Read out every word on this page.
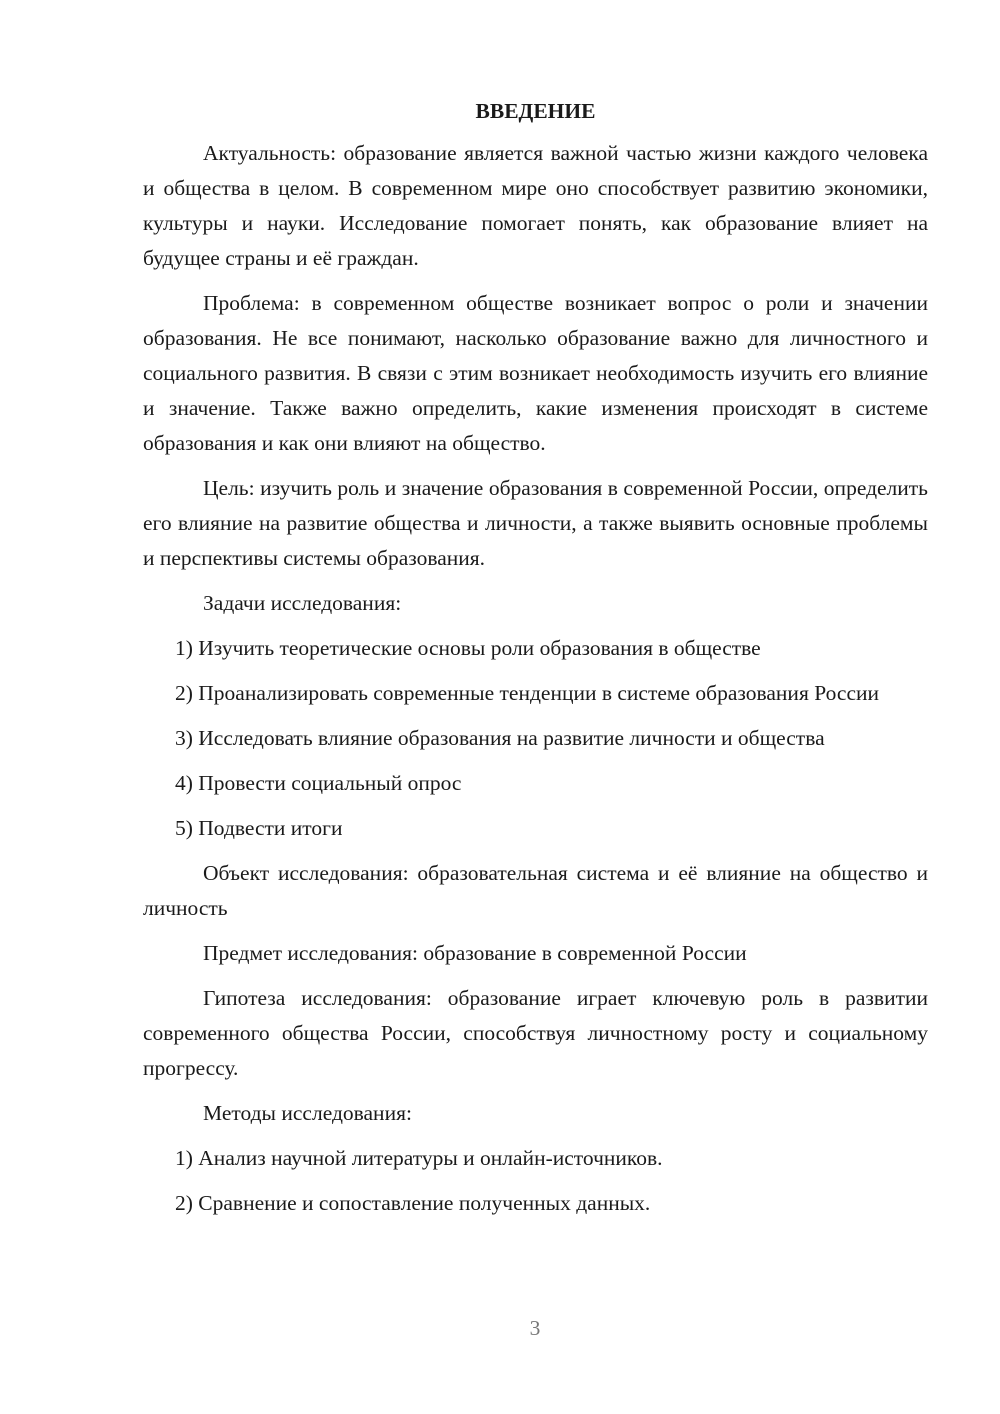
ВВЕДЕНИЕ

Актуальность: образование является важной частью жизни каждого человека и общества в целом. В современном мире оно способствует развитию экономики, культуры и науки. Исследование помогает понять, как образование влияет на будущее страны и её граждан.

Проблема: в современном обществе возникает вопрос о роли и значении образования. Не все понимают, насколько образование важно для личностного и социального развития. В связи с этим возникает необходимость изучить его влияние и значение. Также важно определить, какие изменения происходят в системе образования и как они влияют на общество.

Цель: изучить роль и значение образования в современной России, определить его влияние на развитие общества и личности, а также выявить основные проблемы и перспективы системы образования.

Задачи исследования:

1) Изучить теоретические основы роли образования в обществе

2) Проанализировать современные тенденции в системе образования России

3) Исследовать влияние образования на развитие личности и общества

4) Провести социальный опрос

5) Подвести итоги

Объект исследования: образовательная система и её влияние на общество и личность

Предмет исследования: образование в современной России

Гипотеза исследования: образование играет ключевую роль в развитии современного общества России, способствуя личностному росту и социальному прогрессу.

Методы исследования:

1) Анализ научной литературы и онлайн-источников.

2) Сравнение и сопоставление полученных данных.

3
